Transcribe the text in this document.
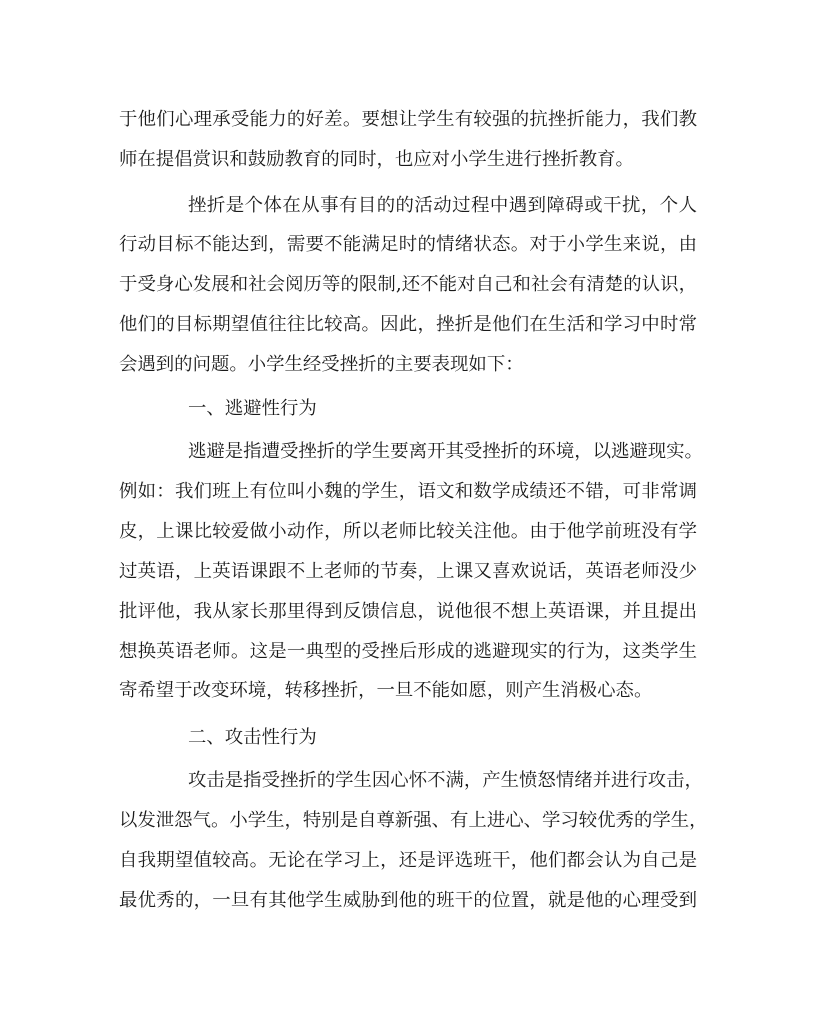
于他们心理承受能力的好差。要想让学生有较强的抗挫折能力，我们教
师在提倡赏识和鼓励教育的同时，也应对小学生进行挫折教育。
挫折是个体在从事有目的的活动过程中遇到障碍或干扰，个人
行动目标不能达到，需要不能满足时的情绪状态。对于小学生来说，由
于受身心发展和社会阅历等的限制,还不能对自己和社会有清楚的认识，
他们的目标期望值往往比较高。因此，挫折是他们在生活和学习中时常
会遇到的问题。小学生经受挫折的主要表现如下：
一、逃避性行为
逃避是指遭受挫折的学生要离开其受挫折的环境，以逃避现实。
例如：我们班上有位叫小魏的学生，语文和数学成绩还不错，可非常调
皮，上课比较爱做小动作，所以老师比较关注他。由于他学前班没有学
过英语，上英语课跟不上老师的节奏，上课又喜欢说话，英语老师没少
批评他，我从家长那里得到反馈信息，说他很不想上英语课，并且提出
想换英语老师。这是一典型的受挫后形成的逃避现实的行为，这类学生
寄希望于改变环境，转移挫折，一旦不能如愿，则产生消极心态。
二、攻击性行为
攻击是指受挫折的学生因心怀不满，产生愤怒情绪并进行攻击，
以发泄怨气。小学生，特别是自尊新强、有上进心、学习较优秀的学生，
自我期望值较高。无论在学习上，还是评选班干，他们都会认为自己是
最优秀的，一旦有其他学生威胁到他的班干的位置，就是他的心理受到
